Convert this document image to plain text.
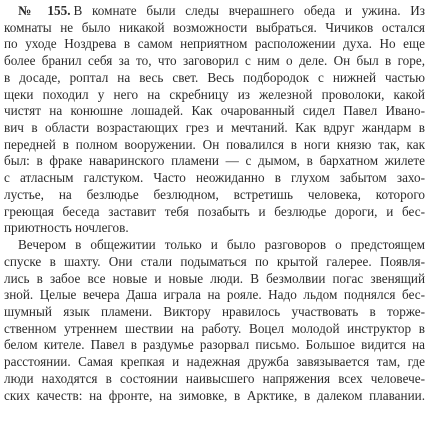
№ 155. В комнате были следы вчерашнего обеда и ужина. Из
комнаты не было никакой возможности выбраться. Чичиков остался
по уходе Ноздрева в самом неприятном расположении духа. Но еще
более бранил себя за то, что заговорил с ним о деле. Он был в горе,
в досаде, роптал на весь свет. Весь подбородок с нижней частью
щеки походил у него на скребницу из железной проволоки, какой
чистят на конюшне лошадей. Как очарованный сидел Павел Ивано-
вич в области возрастающих грез и мечтаний. Как вдруг жандарм в
передней в полном вооружении. Он повалился в ноги князю так, как
был: в фраке наваринского пламени — с дымом, в бархатном жилете
с атласным галстуком. Часто неожиданно в глухом забытом захо-
лустье, на безлюдье безлюдном, встретишь человека, которого
греющая беседа заставит тебя позабыть и безлюдье дороги, и бес-
приютность ночлегов.
Вечером в общежитии только и было разговоров о предстоящем
спуске в шахту. Они стали подыматься по крытой галерее. Появля-
лись в забое все новые и новые люди. В безмолвии погас звенящий
зной. Целые вечера Даша играла на рояле. Надо льдом поднялся бес-
шумный язык пламени. Виктору нравилось участвовать в торже-
ственном утреннем шествии на работу. Воцел молодой инструктор в
белом кителе. Павел в раздумье разорвал письмо. Большое видится на
расстоянии. Самая крепкая и надежная дружба завязывается там, где
люди находятся в состоянии наивысшего напряжения всех человече-
ских качеств: на фронте, на зимовке, в Арктике, в далеком плавании.
